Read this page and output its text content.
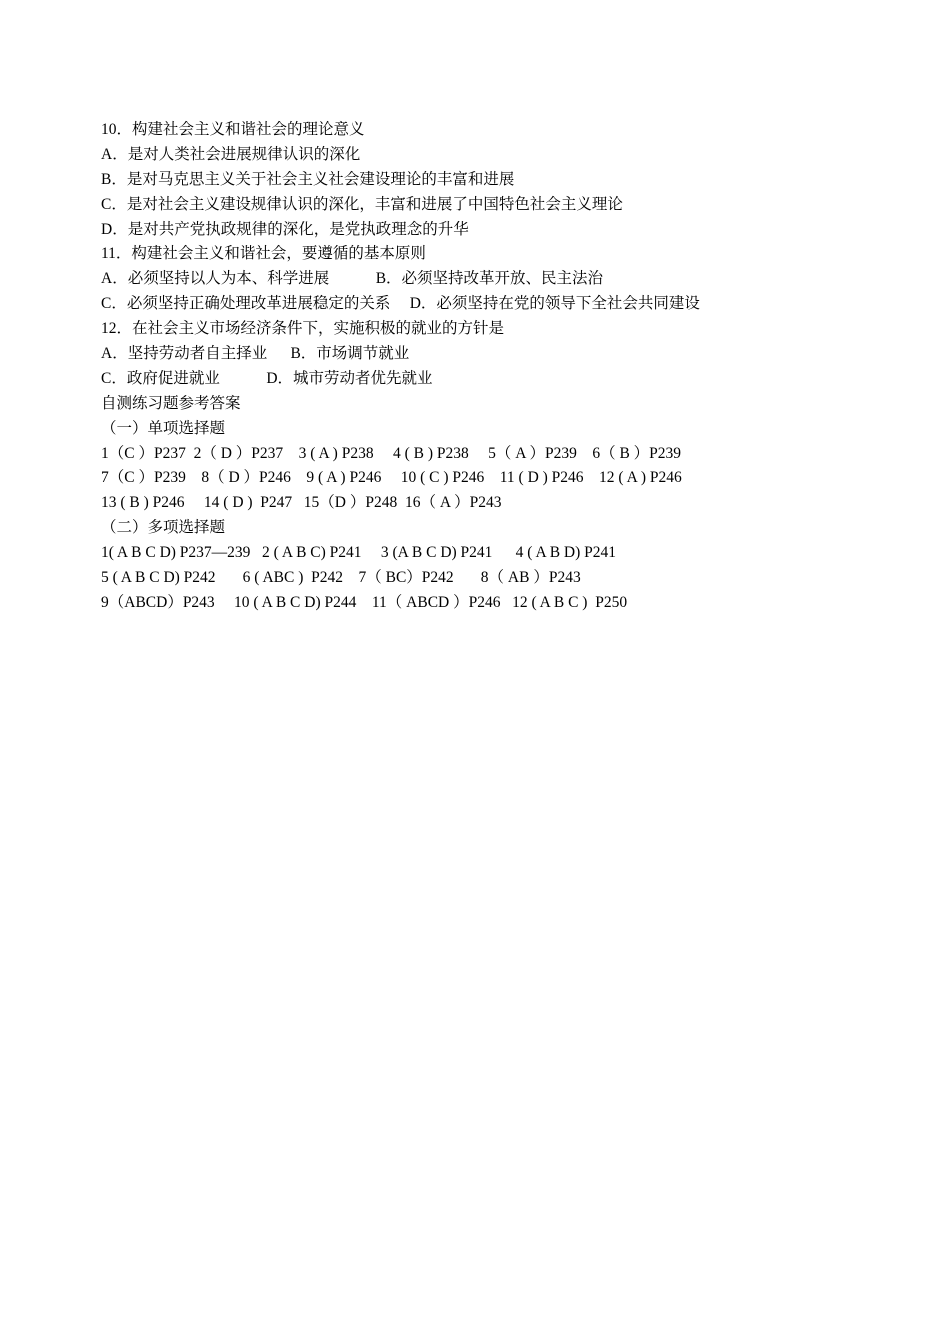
10．构建社会主义和谐社会的理论意义
A．是对人类社会进展规律认识的深化
B．是对马克思主义关于社会主义社会建设理论的丰富和进展
C．是对社会主义建设规律认识的深化，丰富和进展了中国特色社会主义理论
D．是对共产党执政规律的深化，是党执政理念的升华
11．构建社会主义和谐社会，要遵循的基本原则
A．必须坚持以人为本、科学进展            B．必须坚持改革开放、民主法治
C．必须坚持正确处理改革进展稳定的关系     D．必须坚持在党的领导下全社会共同建设
12．在社会主义市场经济条件下，实施积极的就业的方针是
A．坚持劳动者自主择业      B．市场调节就业
C．政府促进就业            D．城市劳动者优先就业
自测练习题参考答案
（一）单项选择题
1（C ）P237  2（ D ）P237    3 ( A ) P238     4 ( B ) P238     5（ A ）P239    6（ B ）P239
7（C ）P239    8（ D ）P246    9 ( A ) P246     10 ( C ) P246    11 ( D ) P246    12 ( A ) P246
13 ( B ) P246     14 ( D )  P247   15（D ）P248  16（ A ）P243
（二）多项选择题
1( A B C D) P237—239   2 ( A B C) P241     3 (A B C D) P241      4 ( A B D) P241
5 ( A B C D) P242       6 ( ABC )  P242    7（ BC）P242       8（ AB ）P243
9（ABCD）P243     10 ( A B C D) P244    11（ ABCD ）P246   12 ( A B C )  P250
